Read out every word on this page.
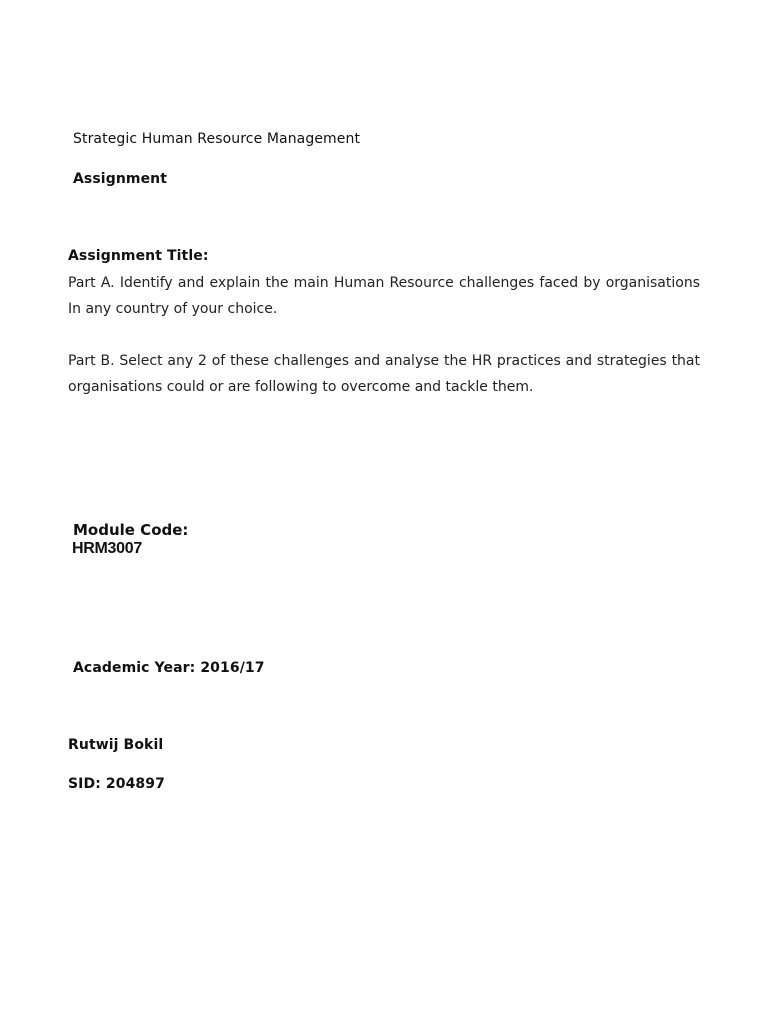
Strategic Human Resource Management

Assignment

Assignment Title:

Part A. Identify and explain the main Human Resource challenges faced by organisations
In any country of your choice.
Part B. Select any 2 of these challenges and analyse the HR practices and strategies that
organisations could or are following to overcome and tackle them.

Module Code:

HRM3007

Academic Year: 2016/17

Rutwij Bokil

SID: 204897
